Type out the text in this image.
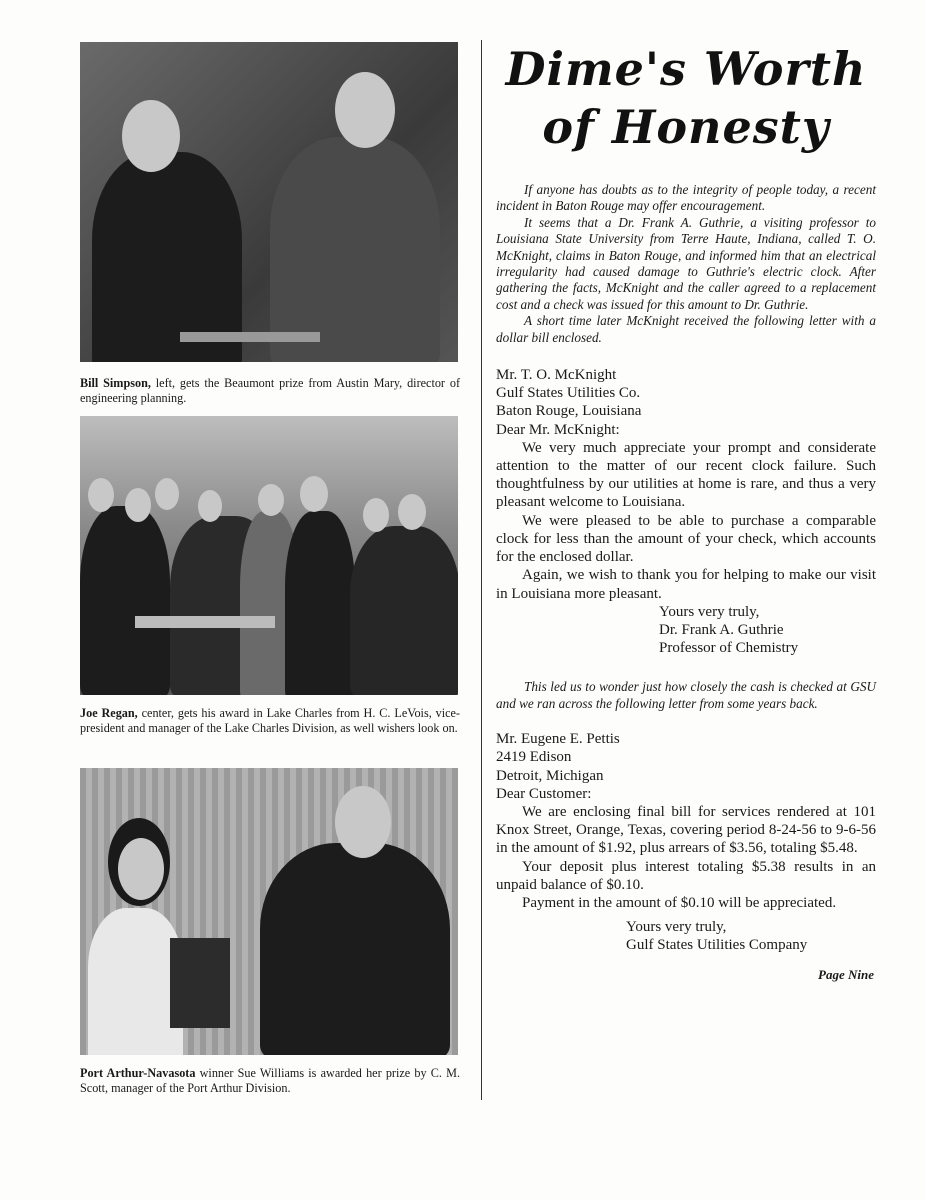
Bill Simpson, left, gets the Beaumont prize from Austin Mary, director of engineering planning.
Joe Regan, center, gets his award in Lake Charles from H. C. LeVois, vice-president and manager of the Lake Charles Division, as well wishers look on.
Port Arthur-Navasota winner Sue Williams is awarded her prize by C. M. Scott, manager of the Port Arthur Division.
Dime's Worth
of Honesty

If anyone has doubts as to the integrity of people today, a recent incident in Baton Rouge may offer encouragement.

It seems that a Dr. Frank A. Guthrie, a visiting professor to Louisiana State University from Terre Haute, Indiana, called T. O. McKnight, claims in Baton Rouge, and informed him that an electrical irregularity had caused damage to Guthrie's electric clock. After gathering the facts, McKnight and the caller agreed to a replacement cost and a check was issued for this amount to Dr. Guthrie.

A short time later McKnight received the following letter with a dollar bill enclosed.

Mr. T. O. McKnight

Gulf States Utilities Co.

Baton Rouge, Louisiana

Dear Mr. McKnight:

We very much appreciate your prompt and considerate attention to the matter of our recent clock failure. Such thoughtfulness by our utilities at home is rare, and thus a very pleasant welcome to Louisiana.

We were pleased to be able to purchase a comparable clock for less than the amount of your check, which accounts for the enclosed dollar.

Again, we wish to thank you for helping to make our visit in Louisiana more pleasant.

Yours very truly,

Dr. Frank A. Guthrie

Professor of Chemistry

This led us to wonder just how closely the cash is checked at GSU and we ran across the following letter from some years back.

Mr. Eugene E. Pettis

2419 Edison

Detroit, Michigan

Dear Customer:

We are enclosing final bill for services rendered at 101 Knox Street, Orange, Texas, covering period 8-24-56 to 9-6-56 in the amount of $1.92, plus arrears of $3.56, totaling $5.48.

Your deposit plus interest totaling $5.38 results in an unpaid balance of $0.10.

Payment in the amount of $0.10 will be appreciated.

Yours very truly,

Gulf States Utilities Company

Page Nine
